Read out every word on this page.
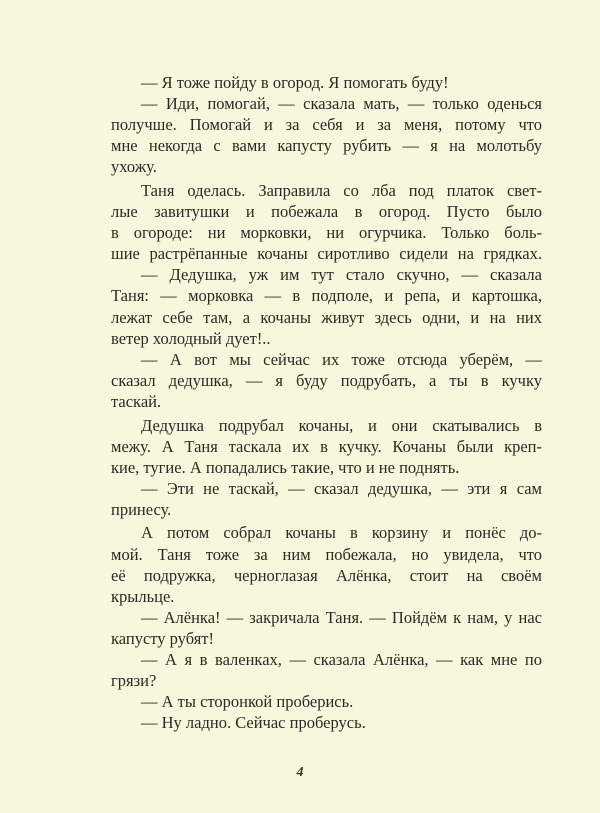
— Я тоже пойду в огород. Я помогать буду!
— Иди, помогай, — сказала мать, — только оденься
получше. Помогай и за себя и за меня, потому что
мне некогда с вами капусту рубить — я на молотьбу
ухожу.
Таня оделась. Заправила со лба под платок свет-
лые завитушки и побежала в огород. Пусто было
в огороде: ни морковки, ни огурчика. Только боль-
шие растрёпанные кочаны сиротливо сидели на грядках.
— Дедушка, уж им тут стало скучно, — сказала
Таня: — морковка — в подполе, и репа, и картошка,
лежат себе там, а кочаны живут здесь одни, и на них
ветер холодный дует!..
— А вот мы сейчас их тоже отсюда уберём, —
сказал дедушка, — я буду подрубать, а ты в кучку
таскай.
Дедушка подрубал кочаны, и они скатывались в
межу. А Таня таскала их в кучку. Кочаны были креп-
кие, тугие. А попадались такие, что и не поднять.
— Эти не таскай, — сказал дедушка, — эти я сам
принесу.
А потом собрал кочаны в корзину и понёс до-
мой. Таня тоже за ним побежала, но увидела, что
её подружка, черноглазая Алёнка, стоит на своём
крыльце.
— Алёнка! — закричала Таня. — Пойдём к нам, у нас
капусту рубят!
— А я в валенках, — сказала Алёнка, — как мне по
грязи?
— А ты сторонкой проберись.
— Ну ладно. Сейчас проберусь.
4
